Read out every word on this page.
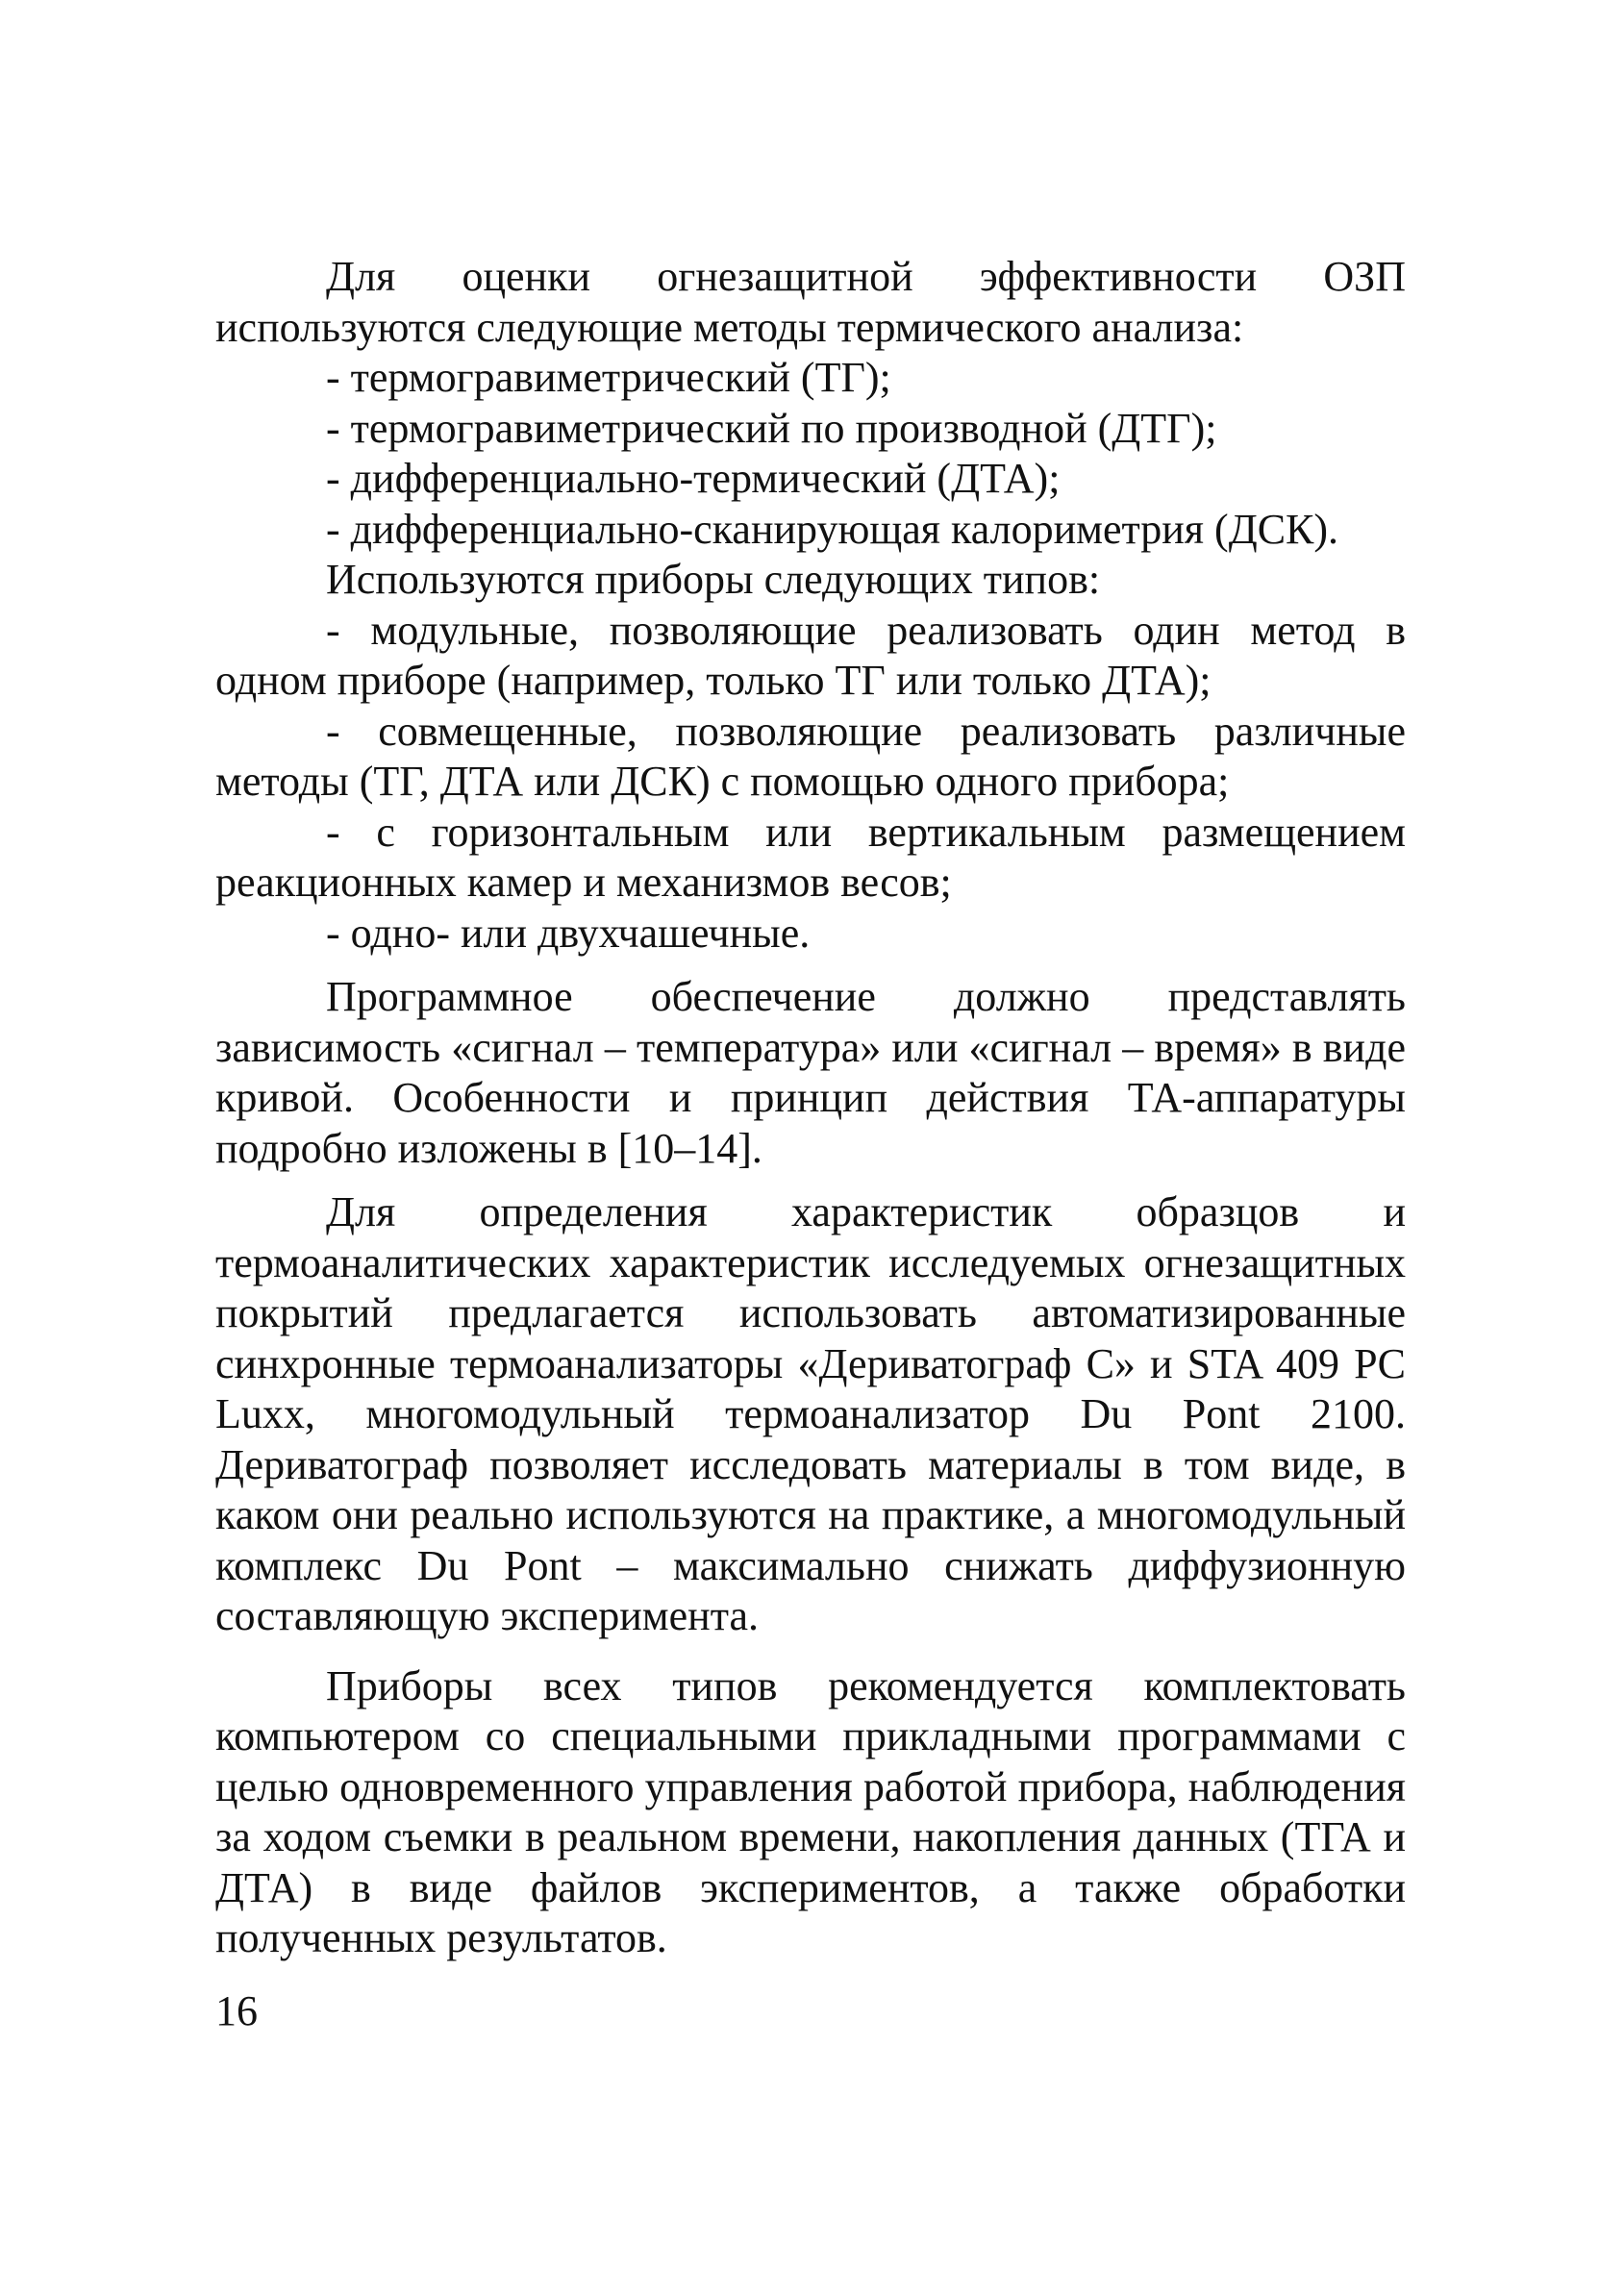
Для оценки огнезащитной эффективности ОЗП используются следующие методы термического анализа:

- термогравиметрический (ТГ);

- термогравиметрический по производной (ДТГ);

- дифференциально-термический (ДТА);

- дифференциально-сканирующая калориметрия (ДСК).

Используются приборы следующих типов:

- модульные, позволяющие реализовать один метод в одном приборе (например, только ТГ или только ДТА);

- совмещенные, позволяющие реализовать различные методы (ТГ, ДТА или ДСК) с помощью одного прибора;

- с горизонтальным или вертикальным размещением реакционных камер и механизмов весов;

- одно- или двухчашечные.

Программное обеспечение должно представлять зависимость «сигнал – температура» или «сигнал – время» в виде кривой. Особенности и принцип действия ТА-аппаратуры подробно изложены в [10–14].

Для определения характеристик образцов и термоаналитических характеристик исследуемых огнезащитных покрытий предлагается использовать автоматизированные синхронные термоанализаторы «Дериватограф С» и STA 409 PC Luxx, многомодульный термоанализатор Du Pont 2100. Дериватограф позволяет исследовать материалы в том виде, в каком они реально используются на практике, а многомодульный комплекс Du Pont – максимально снижать диффузионную составляющую эксперимента.

Приборы всех типов рекомендуется комплектовать компьютером со специальными прикладными программами с целью одновременного управления работой прибора, наблюдения за ходом съемки в реальном времени, накопления данных (ТГА и ДТА) в виде файлов экспериментов, а также обработки полученных результатов.

16
